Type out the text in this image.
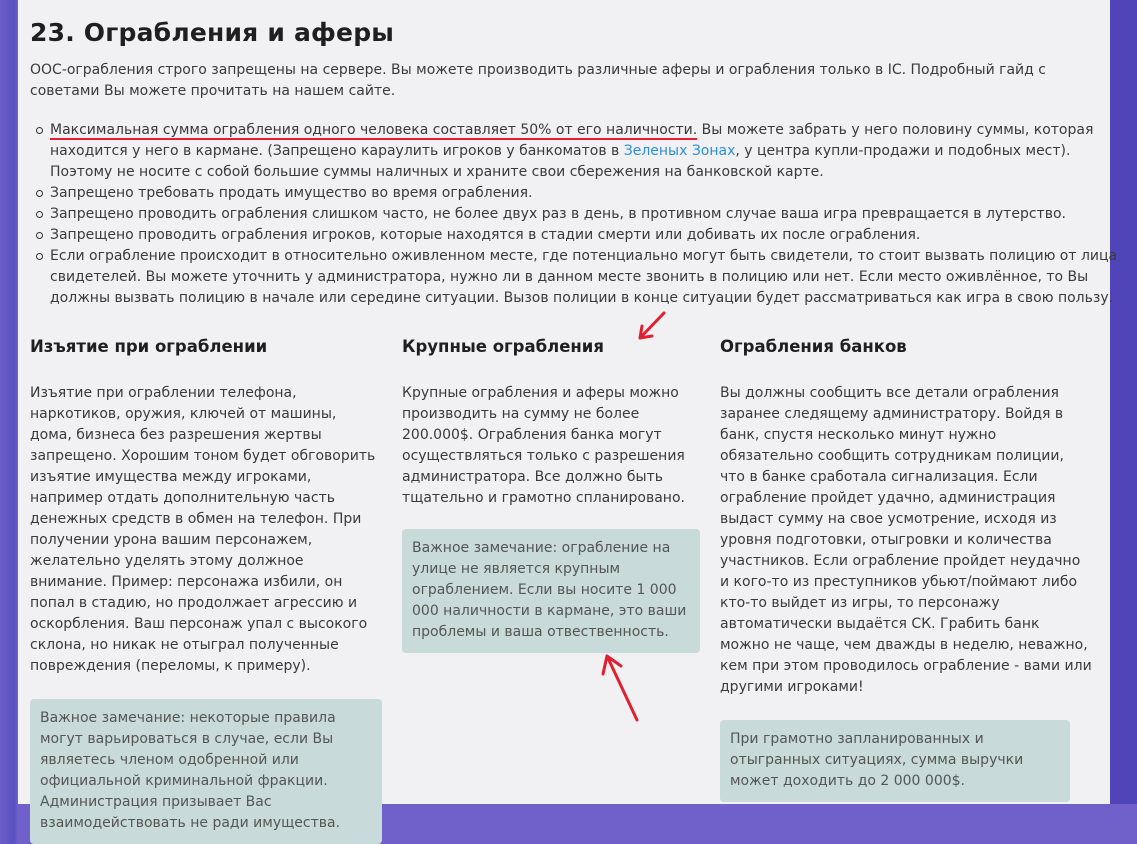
23. Ограбления и аферы

ООС-ограбления строго запрещены на сервере. Вы можете производить различные аферы и ограбления только в IC. Подробный гайд с советами Вы можете прочитать на нашем сайте.

Максимальная сумма ограбления одного человека составляет 50% от его наличности. Вы можете забрать у него половину суммы, которая находится у него в кармане. (Запрещено караулить игроков у банкоматов в Зеленых Зонах, у центра купли-продажи и подобных мест). Поэтому не носите с собой большие суммы наличных и храните свои сбережения на банковской карте.
Запрещено требовать продать имущество во время ограбления.
Запрещено проводить ограбления слишком часто, не более двух раз в день, в противном случае ваша игра превращается в лутерство.
Запрещено проводить ограбления игроков, которые находятся в стадии смерти или добивать их после ограбления.
Если ограбление происходит в относительно оживленном месте, где потенциально могут быть свидетели, то стоит вызвать полицию от лица свидетелей. Вы можете уточнить у администратора, нужно ли в данном месте звонить в полицию или нет. Если место оживлённое, то Вы должны вызвать полицию в начале или середине ситуации. Вызов полиции в конце ситуации будет рассматриваться как игра в свою пользу.
Изъятие при ограблении

Изъятие при ограблении телефона, наркотиков, оружия, ключей от машины, дома, бизнеса без разрешения жертвы запрещено. Хорошим тоном будет обговорить изъятие имущества между игроками, например отдать дополнительную часть денежных средств в обмен на телефон. При получении урона вашим персонажем, желательно уделять этому должное внимание. Пример: персонажа избили, он попал в стадию, но продолжает агрессию и оскорбления. Ваш персонаж упал с высокого склона, но никак не отыграл полученные повреждения (переломы, к примеру).

Важное замечание: некоторые правила могут варьироваться в случае, если Вы являетесь членом одобренной или официальной криминальной фракции. Администрация призывает Вас взаимодействовать не ради имущества.
Крупные ограбления

Крупные ограбления и аферы можно производить на сумму не более 200.000$. Ограбления банка могут осуществляться только с разрешения администратора. Все должно быть тщательно и грамотно спланировано.

Важное замечание: ограбление на улице не является крупным ограблением. Если вы носите 1 000 000 наличности в кармане, это ваши проблемы и ваша отвественность.
Ограбления банков

Вы должны сообщить все детали ограбления заранее следящему администратору. Войдя в банк, спустя несколько минут нужно обязательно сообщить сотрудникам полиции, что в банке сработала сигнализация. Если ограбление пройдет удачно, администрация выдаст сумму на свое усмотрение, исходя из уровня подготовки, отыгровки и количества участников. Если ограбление пройдет неудачно и кого-то из преступников убьют/поймают либо кто-то выйдет из игры, то персонажу автоматически выдаётся СК. Грабить банк можно не чаще, чем дважды в неделю, неважно, кем при этом проводилось ограбление - вами или другими игроками!

При грамотно запланированных и отыгранных ситуациях, сумма выручки может доходить до 2 000 000$.
